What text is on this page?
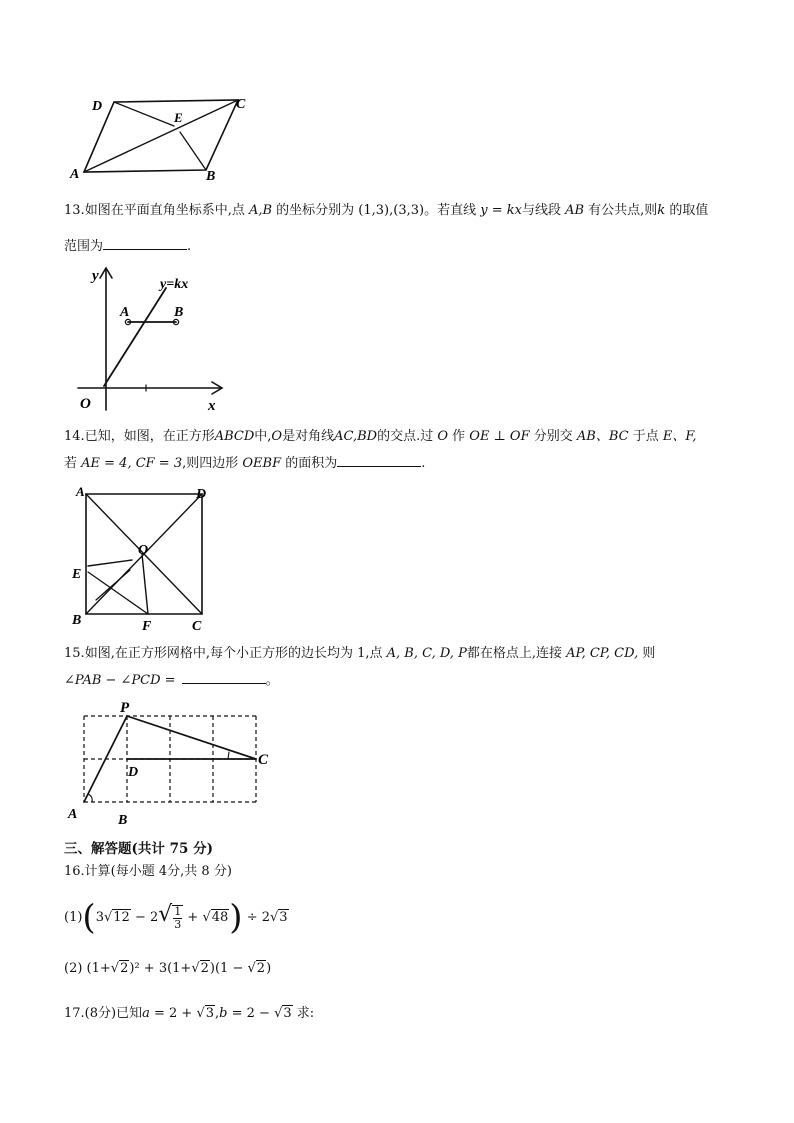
D	C
E
A	B
13.如图在平面直角坐标系中,点 A,B 的坐标分别为 (1,3),(3,3)。若直线 y = kx与线段 AB 有公共点,则k 的取值
范围为	.
y
x
O
y=kx
A	B
14.已知，如图，在正方形ABCD中,O是对角线AC,BD的交点.过 O 作 OE ⊥ OF 分别交 AB、BC 于点 E、F,
若 AE = 4, CF = 3,则四边形 OEBF 的面积为	.
A	D
O
E
B	F	C
15.如图,在正方形网格中,每个小正方形的边长均为 1,点 A, B, C, D, P都在格点上,连接 AP, CP, CD, 则
∠PAB − ∠PCD =	。
P
D
C
A	B
三、解答题(共计 75 分)
16.计算(每小题 4分,共 8 分)
$(1)(3√12 - 2√ \frac{1}{3} + √48) \div 2√3$
(2) (1+√2)² + 3(1+√2)(1 − √2)
17.(8分)已知a = 2 + √3,b = 2 − √3 求:
